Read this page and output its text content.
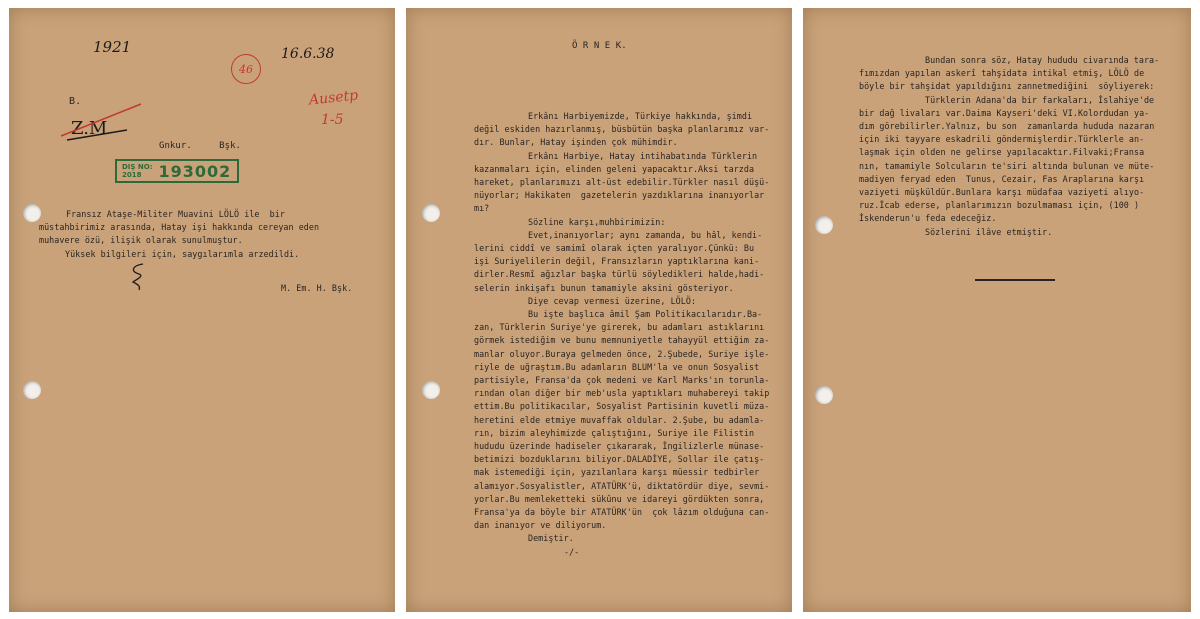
1921	16.6.38
46
Ausetp
1-5
B.
Z.M
Gnkur.     Bşk.
DIŞ NO:
2018	193002
Fransız Ataşe-Militer Muavini LÖLÖ ile  bir
müstahbirimiz arasında, Hatay işi hakkında cereyan eden
muhavere özü, ilişik olarak sunulmuştur.
Yüksek bilgileri için, saygılarımla arzedildi.
M. Em. H. Bşk.
Ö R N E K.
Erkânı Harbiyemizde, Türkiye hakkında, şimdi
değil eskiden hazırlanmış, büsbütün başka planlarımız var-
dır. Bunlar, Hatay işinden çok mühimdir.
Erkânı Harbiye, Hatay intihabatında Türklerin
kazanmaları için, elinden geleni yapacaktır.Aksi tarzda
hareket, planlarımızı alt-üst edebilir.Türkler nasıl düşü-
nüyorlar; Hakikaten  gazetelerin yazdıklarına inanıyorlar
mı?
Sözline karşı,muhbirimizin:
Evet,inanıyorlar; aynı zamanda, bu hâl, kendi-
lerini ciddî ve samimî olarak içten yaralıyor.Çünkü: Bu
işi Suriyelilerin değil, Fransızların yaptıklarına kani-
dirler.Resmî ağızlar başka türlü söyledikleri halde,hadi-
selerin inkişafı bunun tamamiyle aksini gösteriyor.
Diye cevap vermesi üzerine, LÖLÖ:
Bu işte başlıca âmil Şam Politikacılarıdır.Ba-
zan, Türklerin Suriye'ye girerek, bu adamları astıklarını
görmek istediğim ve bunu memnuniyetle tahayyül ettiğim za-
manlar oluyor.Buraya gelmeden önce, 2.Şubede, Suriye işle-
riyle de uğraştım.Bu adamların BLUM'la ve onun Sosyalist
partisiyle, Fransa'da çok medeni ve Karl Marks'ın torunla-
rından olan diğer bir meb'usla yaptıkları muhabereyi takip
ettim.Bu politikacılar, Sosyalist Partisinin kuvetli müza-
heretini elde etmiye muvaffak oldular. 2.Şube, bu adamla-
rın, bizim aleyhimizde çalıştığını, Suriye ile Filistin
hududu üzerinde hadiseler çıkararak, İngilizlerle münase-
betimizi bozduklarını biliyor.DALADİYE, Sollar ile çatış-
mak istemediği için, yazılanlara karşı müessir tedbirler
alamıyor.Sosyalistler, ATATÜRK'ü, diktatördür diye, sevmi-
yorlar.Bu memleketteki sükûnu ve idareyi gördükten sonra,
Fransa'ya da böyle bir ATATÜRK'ün  çok lâzım olduğuna can-
dan inanıyor ve diliyorum.
Demiştir.
-/-
Bundan sonra söz, Hatay hududu civarında tara-
fımızdan yapılan askerî tahşidata intikal etmiş, LÖLÖ de
böyle bir tahşidat yapıldığını zannetmediğini  söyliyerek:
Türklerin Adana'da bir farkaları, İslahiye'de
bir dağ livaları var.Daima Kayseri'deki VI.Kolordudan ya-
dım görebilirler.Yalnız, bu son  zamanlarda hududa nazaran
için iki tayyare eskadrili göndermişlerdir.Türklerle an-
laşmak için olden ne gelirse yapılacaktır.Filvaki;Fransa
nın, tamamiyle Solcuların te'siri altında bulunan ve müte-
madiyen feryad eden  Tunus, Cezair, Fas Araplarına karşı
vaziyeti müşküldür.Bunlara karşı müdafaa vaziyeti alıyo-
ruz.İcab ederse, planlarımızın bozulmaması için, (100 )
İskenderun'u feda edeceğiz.
Sözlerini ilâve etmiştir.
